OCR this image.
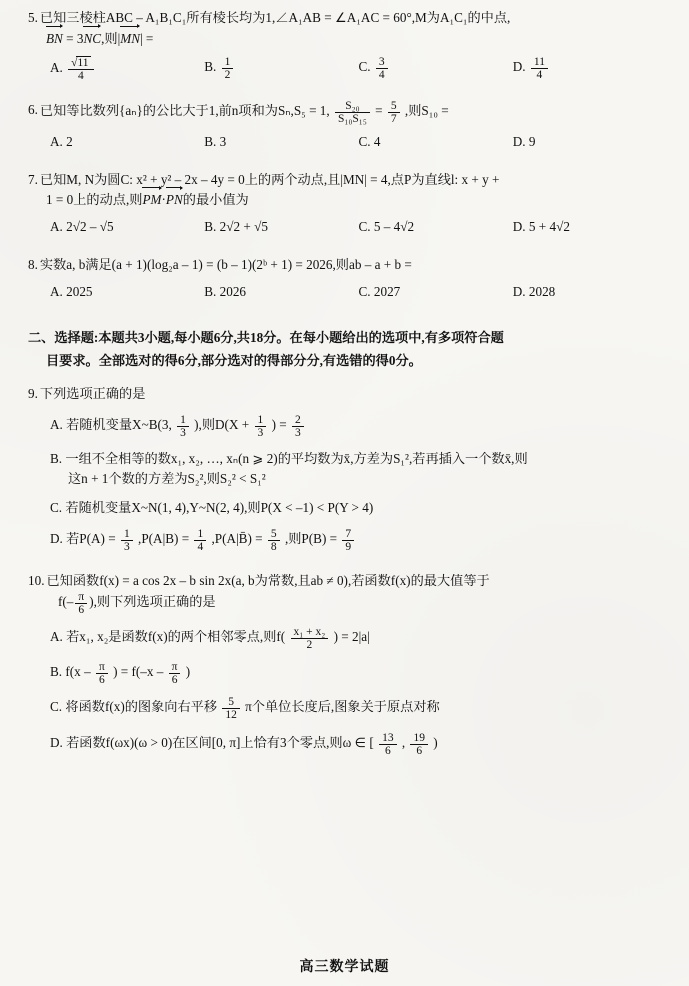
5. 已知三棱柱ABC – A₁B₁C₁所有棱长均为1,∠A₁AB = ∠A₁AC = 60°,M为A₁C₁的中点,
BN = 3NC,则|MN| =
A. $\frac{√11}{4}$	B. $\frac{1}{2}$	C. $\frac{3}{4}$	D. $\frac{11}{4}$
6. 已知等比数列{aₙ}的公比大于1,前n项和为Sₙ,S₅ = 1, $\frac{\text{S₂₀}}{\text{S₁₀S₁₅}} = \frac{5}{7}$ ,则S₁₀ =
A. 2	B. 3	C. 4	D. 9
7. 已知M, N为圆C: x² + y² – 2x – 4y = 0上的两个动点,且|MN| = 4,点P为直线l: x + y +
1 = 0上的动点,则PM·PN的最小值为
A. 2√2 – √5	B. 2√2 + √5	C. 5 – 4√2	D. 5 + 4√2
8. 实数a, b满足(a + 1)(log₂a – 1) = (b – 1)(2ᵇ + 1) = 2026,则ab – a + b =
A. 2025	B. 2026	C. 2027	D. 2028
二、选择题:本题共3小题,每小题6分,共18分。在每小题给出的选项中,有多项符合题
目要求。全部选对的得6分,部分选对的得部分分,有选错的得0分。
9. 下列选项正确的是
A. 若随机变量X~B(3, $\frac{1}{3}$ ),则$D(X + \frac{1}{3}$ ) = $\frac{2}{3}$
B. 一组不全相等的数x₁, x₂, …, xₙ(n ⩾ 2)的平均数为x̄,方差为S₁²,若再插入一个数x̄,则
这n + 1个数的方差为S₂²,则S₂² < S₁²
C. 若随机变量X~N(1, 4),Y~N(2, 4),则P(X < –1) < P(Y > 4)
D. 若$P(A) = \frac{1}{3} ,P(A|B) = \frac{1}{4}$ ,P(A|B̄) = $\frac{5}{8}$ ,则$P(B) = \frac{7}{9}$
10. 已知函数f(x) = a cos 2x – b sin 2x(a, b为常数,且ab ≠ 0),若函数f(x)的最大值等于
$f(- \frac{\pi}{6}$ ),则下列选项正确的是
A. 若x₁, x₂是函数f(x)的两个相邻零点,则$f( \frac{\text{x₁ + x₂}}{2}$ ) = 2|a|
B. $f(x - \frac{\pi}{6}$ ) = $f(-x - \frac{\pi}{6}$ )
C. 将函数f(x)的图象向右平移 $\frac{5}{12}$ π个单位长度后,图象关于原点对称
D. 若函数f(ωx)(ω > 0)在区间[0, π]上恰有3个零点,则ω ∈ [ $\frac{13}{6}$ , $\frac{19}{6}$ )
高三数学试题
